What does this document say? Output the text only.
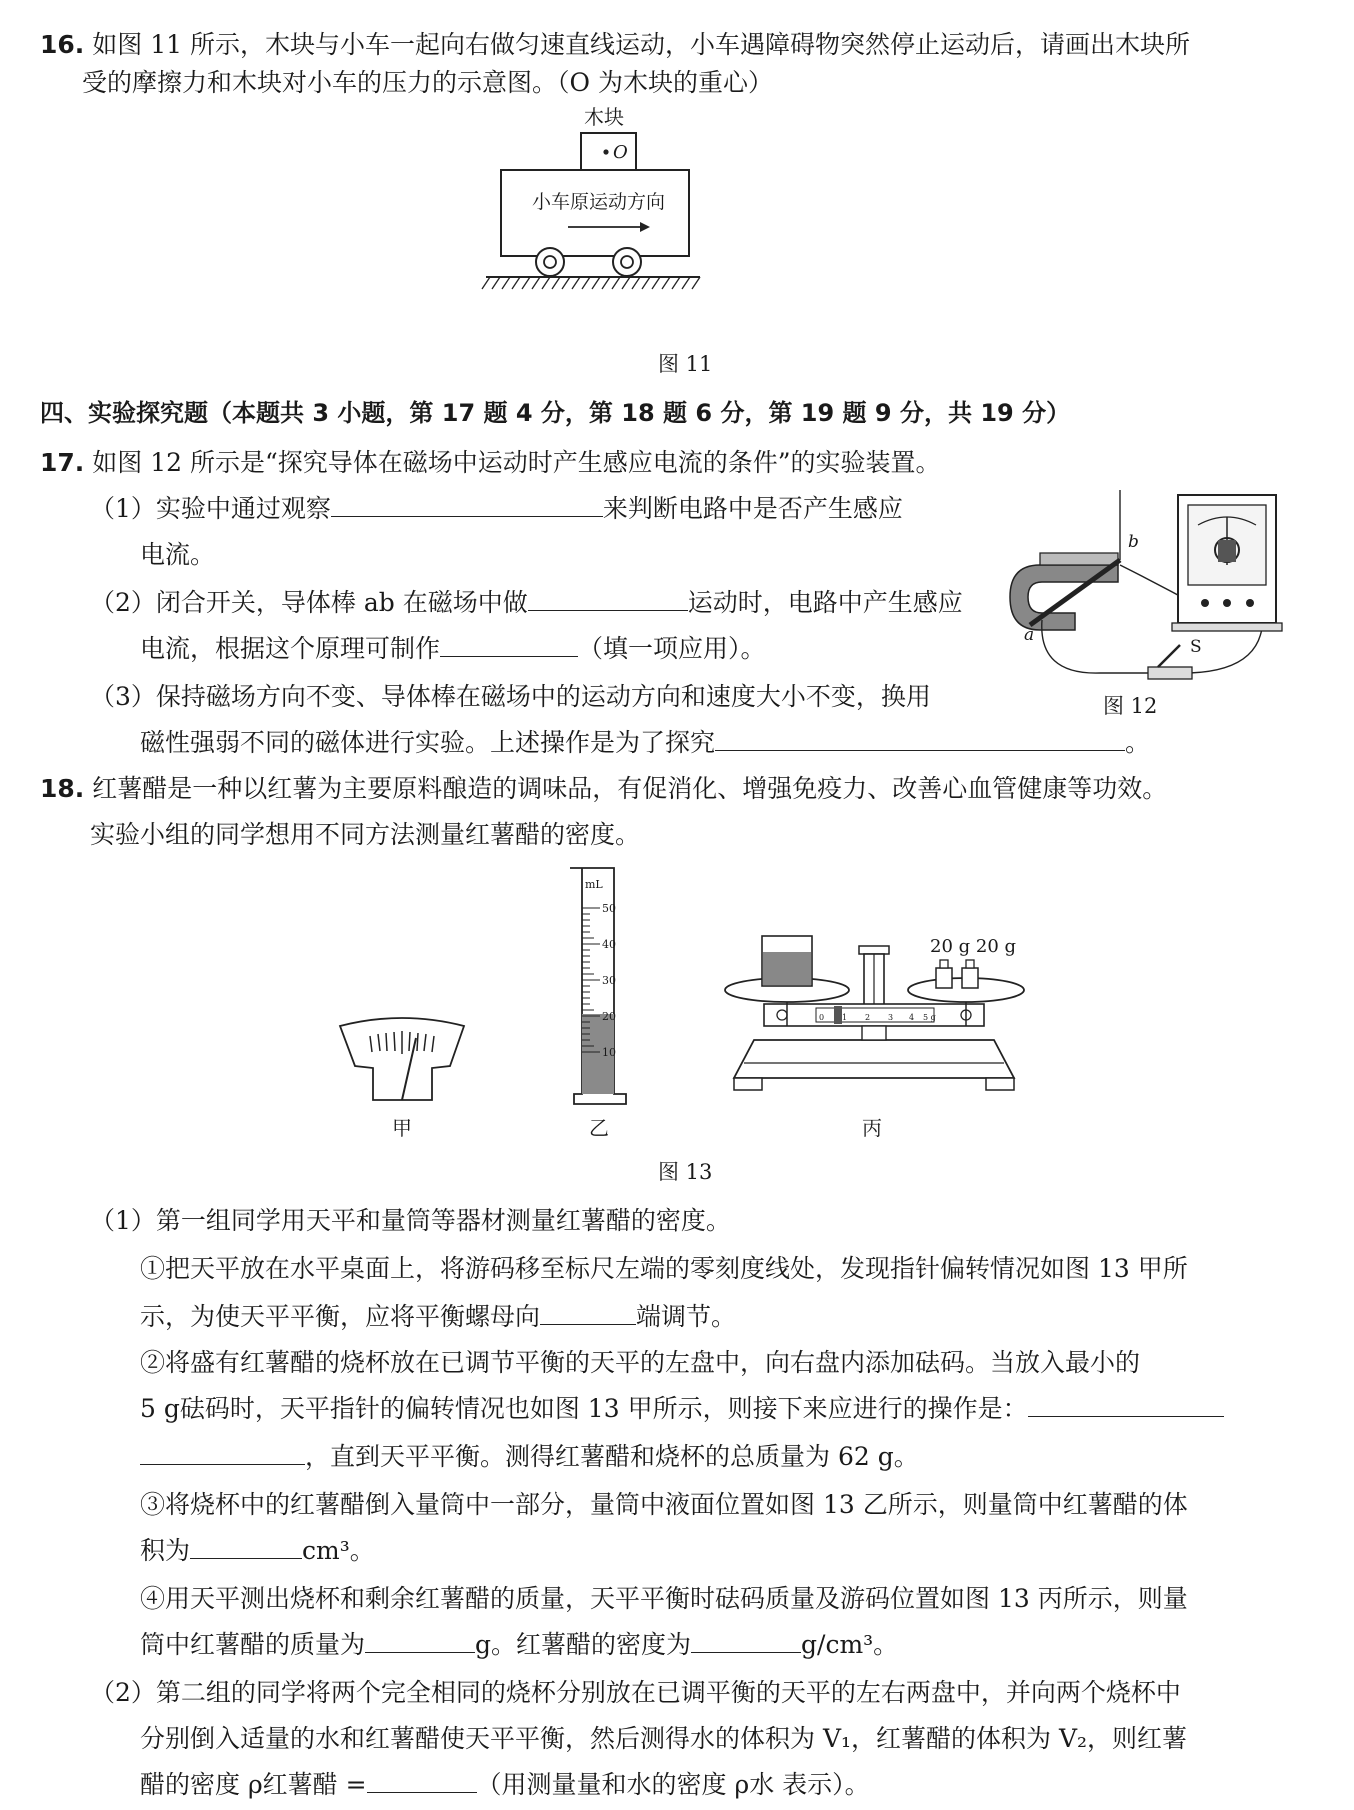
16. 如图 11 所示，木块与小车一起向右做匀速直线运动，小车遇障碍物突然停止运动后，请画出木块所
受的摩擦力和木块对小车的压力的示意图。（O 为木块的重心）
木块
O
小车原运动方向
图 11
四、实验探究题（本题共 3 小题，第 17 题 4 分，第 18 题 6 分，第 19 题 9 分，共 19 分）
17. 如图 12 所示是“探究导体在磁场中运动时产生感应电流的条件”的实验装置。
（1）实验中通过观察	来判断电路中是否产生感应
电流。
（2）闭合开关，导体棒 ab 在磁场中做	运动时，电路中产生感应
电流，根据这个原理可制作	（填一项应用）。
（3）保持磁场方向不变、导体棒在磁场中的运动方向和速度大小不变，换用
磁性强弱不同的磁体进行实验。上述操作是为了探究	。
a
b
S
图 12
18. 红薯醋是一种以红薯为主要原料酿造的调味品，有促消化、增强免疫力、改善心血管健康等功效。
实验小组的同学想用不同方法测量红薯醋的密度。
甲
mL
50
40
30
20
10
乙
20 g 20 g
0 1 2 3 4 5 g
丙
图 13
（1）第一组同学用天平和量筒等器材测量红薯醋的密度。
①把天平放在水平桌面上，将游码移至标尺左端的零刻度线处，发现指针偏转情况如图 13 甲所
示，为使天平平衡，应将平衡螺母向	端调节。
②将盛有红薯醋的烧杯放在已调节平衡的天平的左盘中，向右盘内添加砝码。当放入最小的
5 g砝码时，天平指针的偏转情况也如图 13 甲所示，则接下来应进行的操作是：
，直到天平平衡。测得红薯醋和烧杯的总质量为 62 g。
③将烧杯中的红薯醋倒入量筒中一部分，量筒中液面位置如图 13 乙所示，则量筒中红薯醋的体
积为	cm³。
④用天平测出烧杯和剩余红薯醋的质量，天平平衡时砝码质量及游码位置如图 13 丙所示，则量
筒中红薯醋的质量为	g。红薯醋的密度为	g/cm³。
（2）第二组的同学将两个完全相同的烧杯分别放在已调平衡的天平的左右两盘中，并向两个烧杯中
分别倒入适量的水和红薯醋使天平平衡，然后测得水的体积为 V₁，红薯醋的体积为 V₂，则红薯
醋的密度 ρ红薯醋 =	（用测量量和水的密度 ρ水 表示）。
